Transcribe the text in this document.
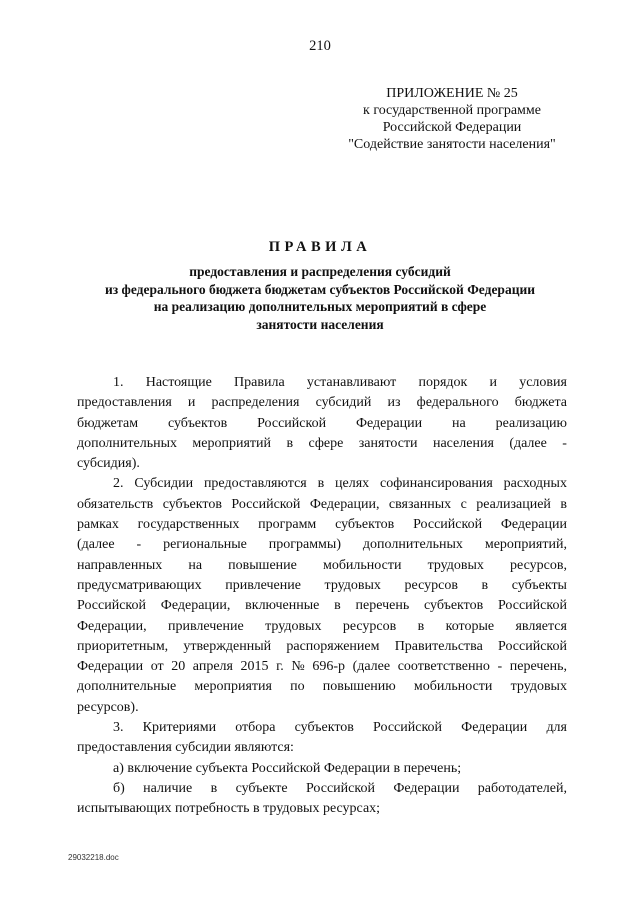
210
ПРИЛОЖЕНИЕ № 25
к государственной программе
Российской Федерации
"Содействие занятости населения"
ПРАВИЛА
предоставления и распределения субсидий
из федерального бюджета бюджетам субъектов Российской Федерации
на реализацию дополнительных мероприятий в сфере
занятости населения
1. Настоящие Правила устанавливают порядок и условия
предоставления и распределения субсидий из федерального бюджета
бюджетам субъектов Российской Федерации на реализацию
дополнительных мероприятий в сфере занятости населения (далее -
субсидия).
2. Субсидии предоставляются в целях софинансирования расходных
обязательств субъектов Российской Федерации, связанных с реализацией в
рамках государственных программ субъектов Российской Федерации
(далее - региональные программы) дополнительных мероприятий,
направленных на повышение мобильности трудовых ресурсов,
предусматривающих привлечение трудовых ресурсов в субъекты
Российской Федерации, включенные в перечень субъектов Российской
Федерации, привлечение трудовых ресурсов в которые является
приоритетным, утвержденный распоряжением Правительства Российской
Федерации от 20 апреля 2015 г. № 696-р (далее соответственно - перечень,
дополнительные мероприятия по повышению мобильности трудовых
ресурсов).
3. Критериями отбора субъектов Российской Федерации для
предоставления субсидии являются:
а) включение субъекта Российской Федерации в перечень;
б) наличие в субъекте Российской Федерации работодателей,
испытывающих потребность в трудовых ресурсах;
29032218.doc
